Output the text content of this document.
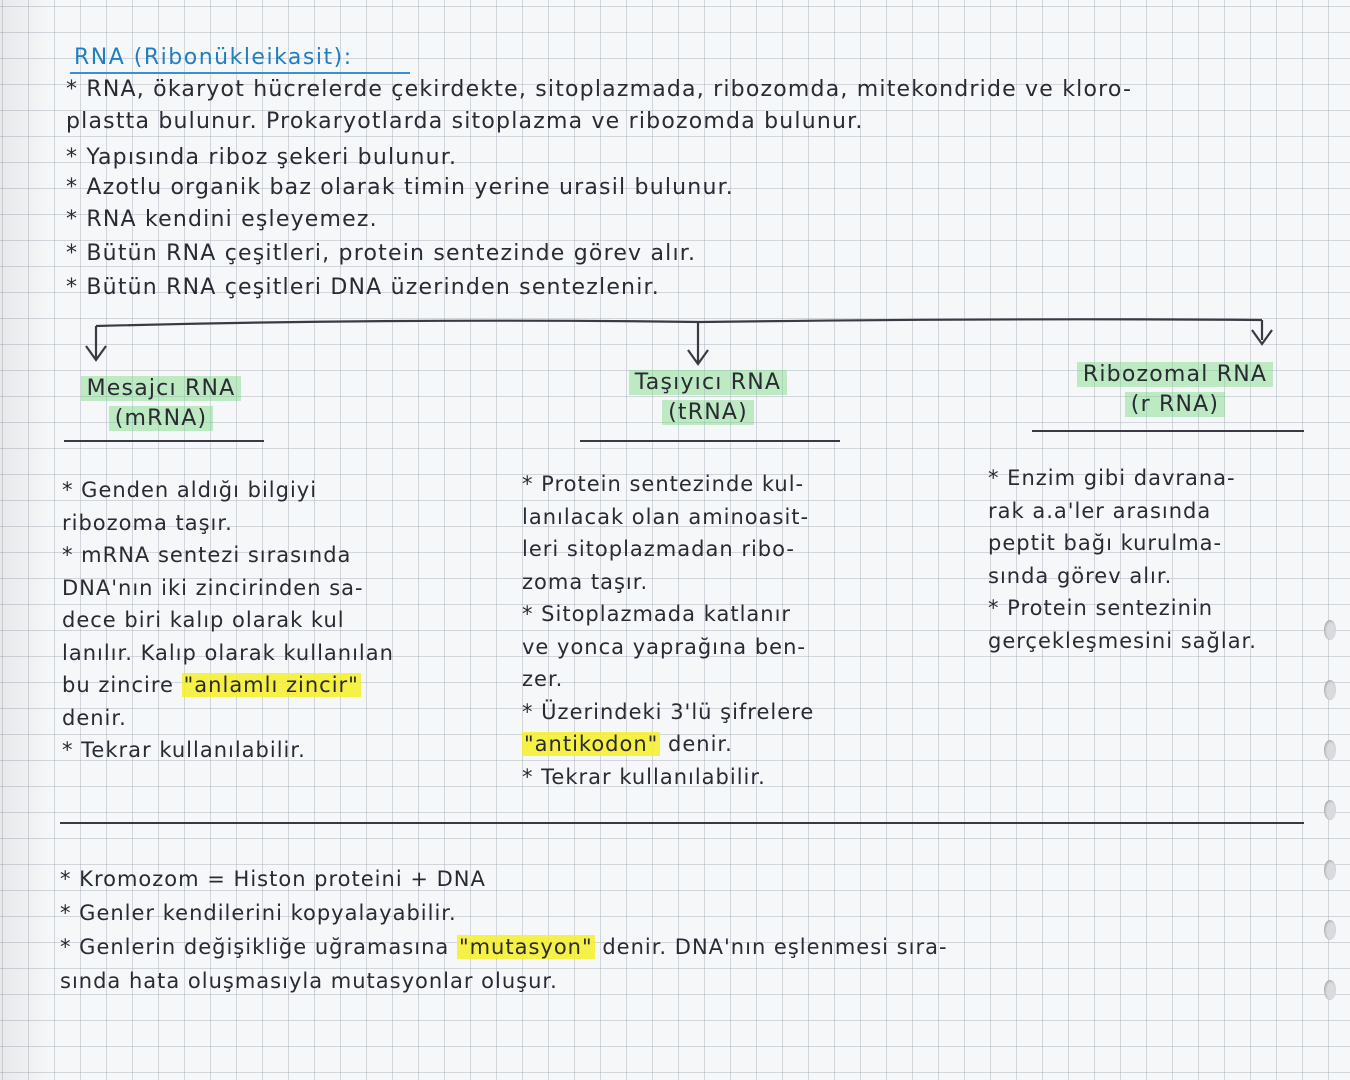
RNA (Ribonükleikasit):
* RNA, ökaryot hücrelerde çekirdekte, sitoplazmada, ribozomda, mitekondride ve kloro-
plastta bulunur. Prokaryotlarda sitoplazma ve ribozomda bulunur.
* Yapısında riboz şekeri bulunur.
* Azotlu organik baz olarak timin yerine urasil bulunur.
* RNA kendini eşleyemez.
* Bütün RNA çeşitleri, protein sentezinde görev alır.
* Bütün RNA çeşitleri DNA üzerinden sentezlenir.
Mesajcı RNA
(mRNA)
Taşıyıcı RNA
(tRNA)
Ribozomal RNA
(r RNA)
* Genden aldığı bilgiyi
ribozoma taşır.
* mRNA sentezi sırasında
DNA'nın iki zincirinden sa-
dece biri kalıp olarak kul
lanılır. Kalıp olarak kullanılan
bu zincire "anlamlı zincir"
denir.
* Tekrar kullanılabilir.
* Protein sentezinde kul-
lanılacak olan aminoasit-
leri sitoplazmadan ribo-
zoma taşır.
* Sitoplazmada katlanır
ve yonca yaprağına ben-
zer.
* Üzerindeki 3'lü şifrelere
"antikodon" denir.
* Tekrar kullanılabilir.
* Enzim gibi davrana-
rak a.a'ler arasında
peptit bağı kurulma-
sında görev alır.
* Protein sentezinin
gerçekleşmesini sağlar.
* Kromozom = Histon proteini + DNA
* Genler kendilerini kopyalayabilir.
* Genlerin değişikliğe uğramasına "mutasyon" denir. DNA'nın eşlenmesi sıra-
sında hata oluşmasıyla mutasyonlar oluşur.
